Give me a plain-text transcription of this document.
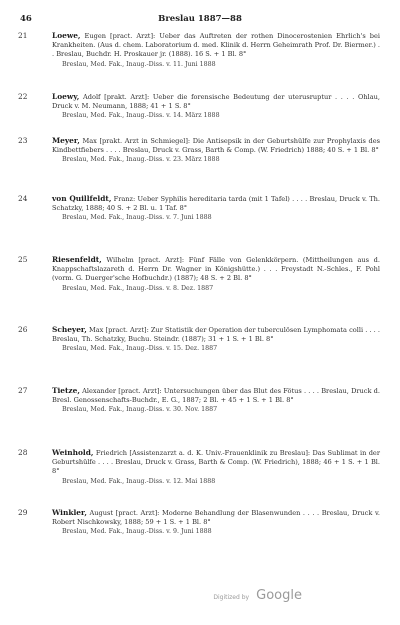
46	Breslau 1887—88
21	Loewe, Eugen [pract. Arzt]: Ueber das Auftreten der rothen Dinocerostenien Ehrlich's bei Krankheiten. (Aus d. chem. Laboratorium d. med. Klinik d. Herrn Geheimrath Prof. Dr. Biermer.) . . Breslau, Buchdr. H. Proskauer jr. (1888). 16 S. + 1 Bl. 8°
Breslau, Med. Fak., Inaug.-Diss. v. 11. Juni 1888
22	Loewy, Adolf [prakt. Arzt]: Ueber die forensische Bedeutung der uterusruptur . . . . Ohlau, Druck v. M. Neumann, 1888; 41 + 1 S. 8°
Breslau, Med. Fak., Inaug.-Diss. v. 14. März 1888
23	Meyer, Max [prakt. Arzt in Schmiegel]: Die Antisepsik in der Geburtshülfe zur Prophylaxis des Kindbettfiebers . . . . Breslau, Druck v. Grass, Barth & Comp. (W. Friedrich) 1888; 40 S. + 1 Bl. 8°
Breslau, Med. Fak., Inaug.-Diss. v. 23. März 1888
24	von Quillfeldt, Franz: Ueber Syphilis hereditaria tarda (mit 1 Tafel) . . . . Breslau, Druck v. Th. Schatzky, 1888; 40 S. + 2 Bl. u. 1 Taf. 8°
Breslau, Med. Fak., Inaug.-Diss. v. 7. Juni 1888
25	Riesenfeldt, Wilhelm [pract. Arzt]: Fünf Fälle von Gelenkkörpern. (Mittheilungen aus d. Knappschaftslazareth d. Herrn Dr. Wagner in Königshütte.) . . . Freystadt N.-Schles., F. Pohl (vorm. G. Duerger'sche Hofbuchdr.) (1887); 48 S. + 2 Bl. 8°
Breslau, Med. Fak., Inaug.-Diss. v. 8. Dez. 1887
26	Scheyer, Max [pract. Arzt]: Zur Statistik der Operation der tuberculösen Lymphomata colli . . . . Breslau, Th. Schatzky, Buchu. Steindr. (1887); 31 + 1 S. + 1 Bl. 8°
Breslau, Med. Fak., Inaug.-Diss. v. 15. Dez. 1887
27	Tietze, Alexander [pract. Arzt]: Untersuchungen über das Blut des Fötus . . . . Breslau, Druck d. Bresl. Genossenschafts-Buchdr., E. G., 1887; 2 Bl. + 45 + 1 S. + 1 Bl. 8°
Breslau, Med. Fak., Inaug.-Diss. v. 30. Nov. 1887
28	Weinhold, Friedrich [Assistenzarzt a. d. K. Univ.-Frauenklinik zu Breslau]: Das Sublimat in der Geburtshülfe . . . . Breslau, Druck v. Grass, Barth & Comp. (W. Friedrich), 1888; 46 + 1 S. + 1 Bl. 8°
Breslau, Med. Fak., Inaug.-Diss. v. 12. Mai 1888
29	Winkler, August [pract. Arzt]: Moderne Behandlung der Blasenwunden . . . . Breslau, Druck v. Robert Nischkowsky, 1888; 59 + 1 S. + 1 Bl. 8°
Breslau, Med. Fak., Inaug.-Diss. v. 9. Juni 1888
Digitized by Google
